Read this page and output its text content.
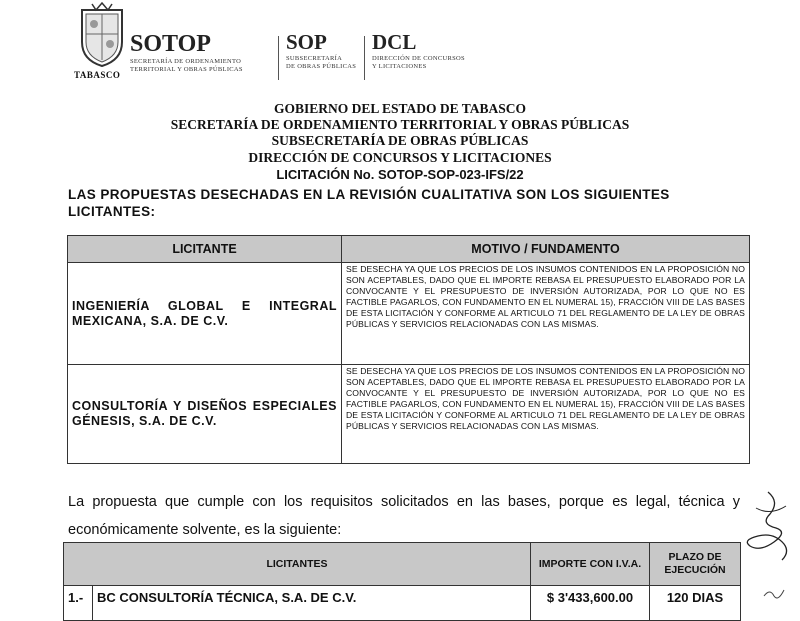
TABASCO
SOTOP
SECRETARÍA DE ORDENAMIENTO
TERRITORIAL Y OBRAS PÚBLICAS
SOP
SUBSECRETARÍA
DE OBRAS PÚBLICAS
DCL
DIRECCIÓN DE CONCURSOS
Y LICITACIONES
GOBIERNO DEL ESTADO DE TABASCO
SECRETARÍA DE ORDENAMIENTO TERRITORIAL Y OBRAS PÚBLICAS
SUBSECRETARÍA DE OBRAS PÚBLICAS
DIRECCIÓN DE CONCURSOS Y LICITACIONES
LICITACIÓN No. SOTOP-SOP-023-IFS/22
LAS PROPUESTAS DESECHADAS EN LA REVISIÓN CUALITATIVA SON LOS SIGUIENTES LICITANTES:
LICITANTE	MOTIVO / FUNDAMENTO
INGENIERÍA GLOBAL E INTEGRAL MEXICANA, S.A. DE C.V.	SE DESECHA YA QUE LOS PRECIOS DE LOS INSUMOS CONTENIDOS EN LA PROPOSICIÓN NO SON ACEPTABLES, DADO QUE EL IMPORTE REBASA EL PRESUPUESTO ELABORADO POR LA CONVOCANTE Y EL PRESUPUESTO DE INVERSIÓN AUTORIZADA, POR LO QUE NO ES FACTIBLE PAGARLOS, CON FUNDAMENTO EN EL NUMERAL 15), FRACCIÓN VIII DE LAS BASES DE ESTA LICITACIÓN Y CONFORME AL ARTICULO 71 DEL REGLAMENTO DE LA LEY DE OBRAS PÚBLICAS Y SERVICIOS RELACIONADAS CON LAS MISMAS.
CONSULTORÍA Y DISEÑOS ESPECIALES GÉNESIS, S.A. DE C.V.	SE DESECHA YA QUE LOS PRECIOS DE LOS INSUMOS CONTENIDOS EN LA PROPOSICIÓN NO SON ACEPTABLES, DADO QUE EL IMPORTE REBASA EL PRESUPUESTO ELABORADO POR LA CONVOCANTE Y EL PRESUPUESTO DE INVERSIÓN AUTORIZADA, POR LO QUE NO ES FACTIBLE PAGARLOS, CON FUNDAMENTO EN EL NUMERAL 15), FRACCIÓN VIII DE LAS BASES DE ESTA LICITACIÓN Y CONFORME AL ARTICULO 71 DEL REGLAMENTO DE LA LEY DE OBRAS PÚBLICAS Y SERVICIOS RELACIONADAS CON LAS MISMAS.
La propuesta que cumple con los requisitos solicitados en las bases, porque es legal, técnica y económicamente solvente, es la siguiente:
LICITANTES		IMPORTE CON I.V.A.	PLAZO DE EJECUCIÓN
1.-	BC CONSULTORÍA TÉCNICA, S.A. DE C.V.	$ 3'433,600.00	120 DIAS
